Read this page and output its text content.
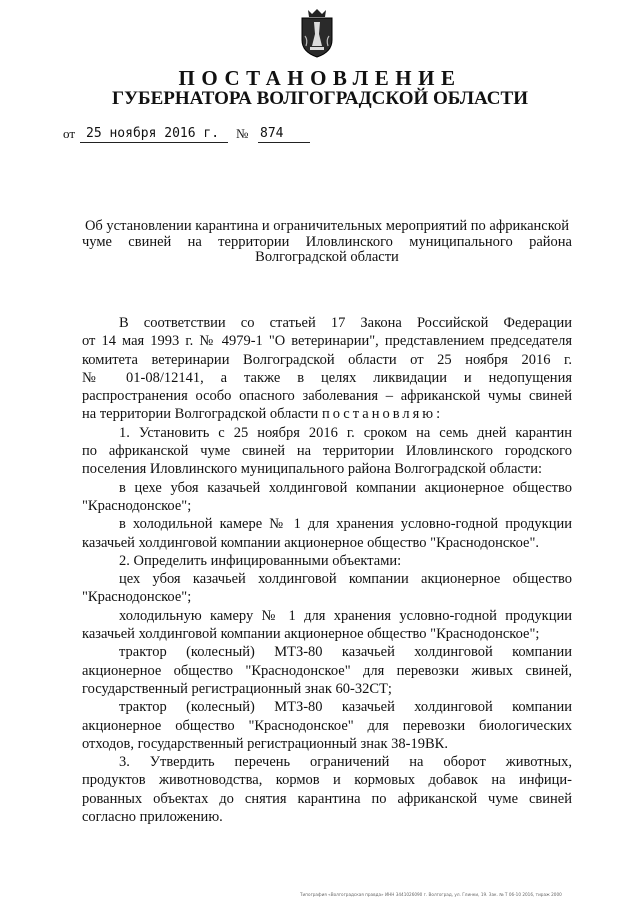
ПОСТАНОВЛЕНИЕ
ГУБЕРНАТОРА ВОЛГОГРАДСКОЙ ОБЛАСТИ
от 25 ноября 2016 г.	№ 874
Об установлении карантина и ограничительных мероприятий по африканской
чуме свиней на территории Иловлинского муниципального района
Волгоградской области
В соответствии со статьей 17 Закона Российской Федерации
от 14 мая 1993 г. № 4979-1 "О ветеринарии", представлением председателя
комитета ветеринарии Волгоградской области от 25 ноября 2016 г.
№ 01-08/12141, а также в целях ликвидации и недопущения
распространения особо опасного заболевания – африканской чумы свиней
на территории Волгоградской области постановляю:
1. Установить с 25 ноября 2016 г. сроком на семь дней карантин
по африканской чуме свиней на территории Иловлинского городского
поселения Иловлинского муниципального района Волгоградской области:
в цехе убоя казачьей холдинговой компании акционерное общество
"Краснодонское";
в холодильной камере № 1 для хранения условно-годной продукции
казачьей холдинговой компании акционерное общество "Краснодонское".
2. Определить инфицированными объектами:
цех убоя казачьей холдинговой компании акционерное общество
"Краснодонское";
холодильную камеру № 1 для хранения условно-годной продукции
казачьей холдинговой компании акционерное общество "Краснодонское";
трактор (колесный) МТЗ-80 казачьей холдинговой компании
акционерное общество "Краснодонское" для перевозки живых свиней,
государственный регистрационный знак 60-32СТ;
трактор (колесный) МТЗ-80 казачьей холдинговой компании
акционерное общество "Краснодонское" для перевозки биологических
отходов, государственный регистрационный знак 38-19ВК.
3. Утвердить перечень ограничений на оборот животных,
продуктов животноводства, кормов и кормовых добавок на инфици-
рованных объектах до снятия карантина по африканской чуме свиней
согласно приложению.
Типография «Волгоградская правда» ИНН 3441026090 г. Волгоград, ул. Глинки, 19. Зак. № Т 06-10 2016, тираж 2000
